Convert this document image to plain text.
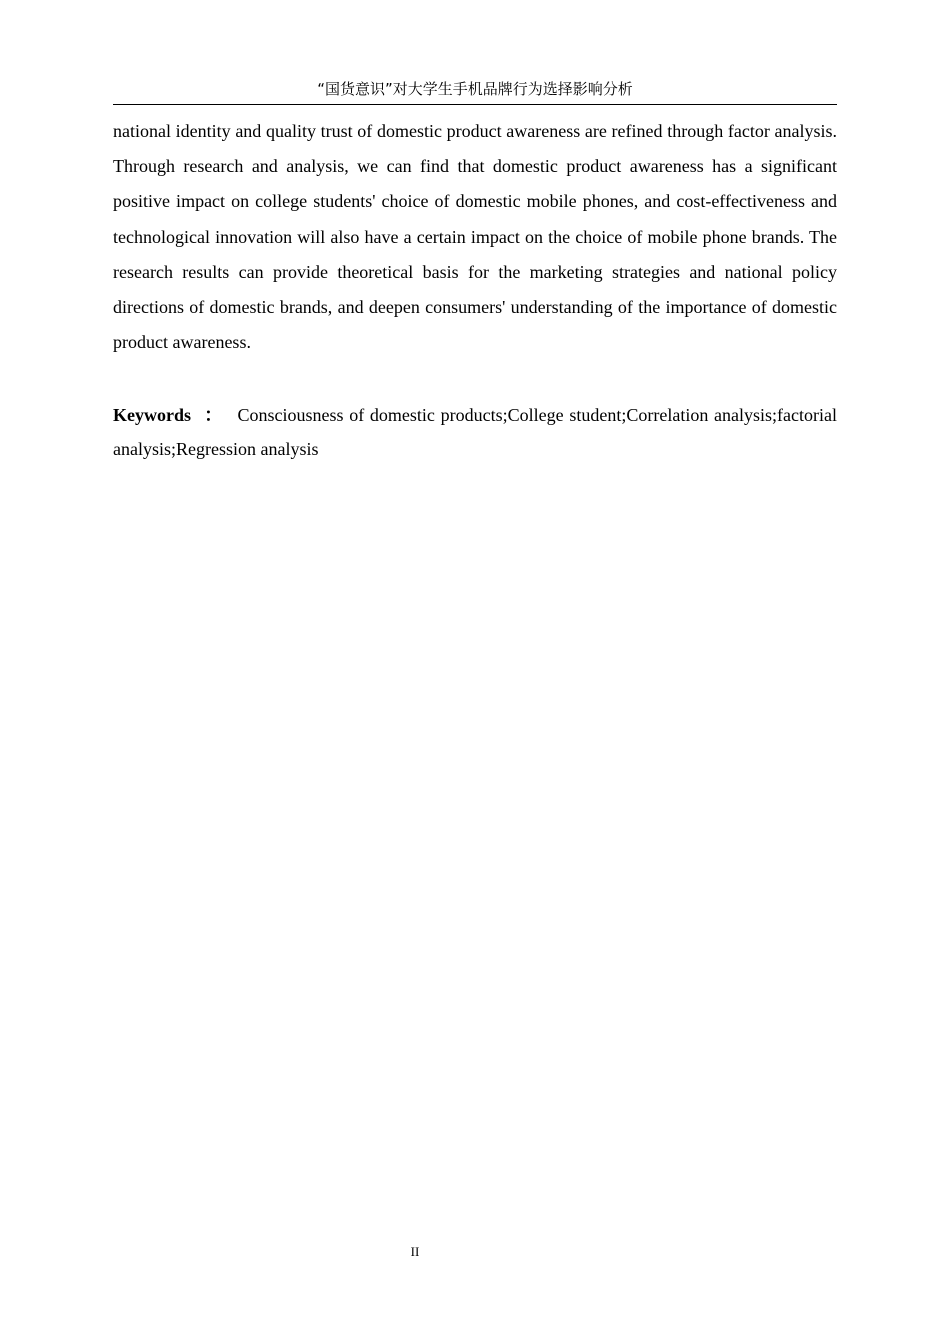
“国货意识”对大学生手机品牌行为选择影响分析

national identity and quality trust of domestic product awareness are refined through factor analysis. Through research and analysis, we can find that domestic product awareness has a significant positive impact on college students' choice of domestic mobile phones, and cost-effectiveness and technological innovation will also have a certain impact on the choice of mobile phone brands. The research results can provide theoretical basis for the marketing strategies and national policy directions of domestic brands, and deepen consumers' understanding of the importance of domestic product awareness.

Keywords ： Consciousness of domestic products;College student;Correlation analysis;factorial analysis;Regression analysis

II
